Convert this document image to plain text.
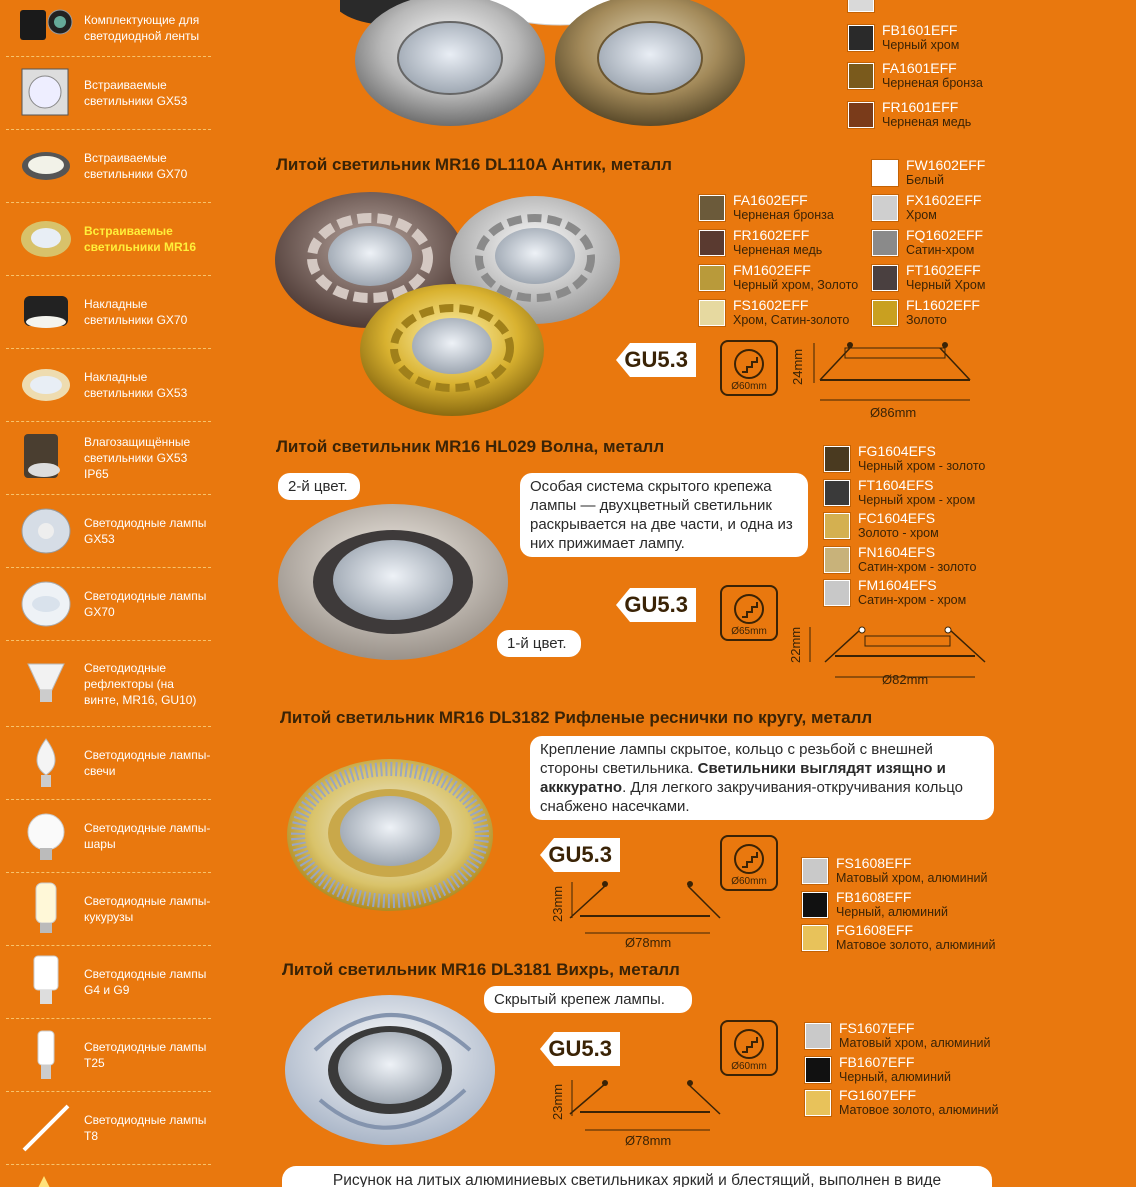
Комплектующие для светодиодной ленты
Встраиваемые светильники GX53
Встраиваемые светильники GX70
Встраиваемые светильники MR16
Накладные светильники GX70
Накладные светильники GX53
Влагозащищённые светильники GX53 IP65
Светодиодные лампы GX53
Светодиодные лампы GX70
Светодиодные рефлекторы (на винте, MR16, GU10)
Светодиодные лампы-свечи
Светодиодные лампы-шары
Светодиодные лампы-кукурузы
Светодиодные лампы G4 и G9
Светодиодные лампы T25
Светодиодные лампы T8
FB1601EFF
Черный хром
FA1601EFF
Черненая бронза
FR1601EFF
Черненая медь
Литой светильник MR16 DL110A Антик, металл
FA1602EFF
Черненая бронза
FR1602EFF
Черненая медь
FM1602EFF
Черный хром, Золото
FS1602EFF
Хром, Сатин-золото
FW1602EFF
Белый
FX1602EFF
Хром
FQ1602EFF
Сатин-хром
FT1602EFF
Черный Хром
FL1602EFF
Золото
GU5.3
Ø60mm
24mm
Ø86mm
Литой светильник MR16 HL029 Волна, металл
2-й цвет.	Особая система скрытого крепежа лампы — двухцветный светильник раскрывается на две части, и одна из них прижимает лампу.
1-й цвет.
FG1604EFS
Черный хром - золото
FT1604EFS
Черный хром - хром
FC1604EFS
Золото - хром
FN1604EFS
Сатин-хром - золото
FM1604EFS
Сатин-хром - хром
GU5.3
Ø65mm	22mm
Ø82mm
Литой светильник MR16 DL3182 Рифленые реснички по кругу, металл
Крепление лампы скрытое, кольцо с резьбой с внешней стороны светильника. Светильники выглядят изящно и акккуратно. Для легкого закручивания-откручивания кольцо снабжено насечками.
GU5.3
Ø60mm
23mm
Ø78mm
FS1608EFF
Матовый хром, алюминий
FB1608EFF
Черный, алюминий
FG1608EFF
Матовое золото, алюминий
Литой светильник MR16 DL3181 Вихрь, металл
Скрытый крепеж лампы.
GU5.3
Ø60mm
23mm
Ø78mm
FS1607EFF
Матовый хром, алюминий
FB1607EFF
Черный, алюминий
FG1607EFF
Матовое золото, алюминий
Рисунок на литых алюминиевых светильниках яркий и блестящий, выполнен в виде
